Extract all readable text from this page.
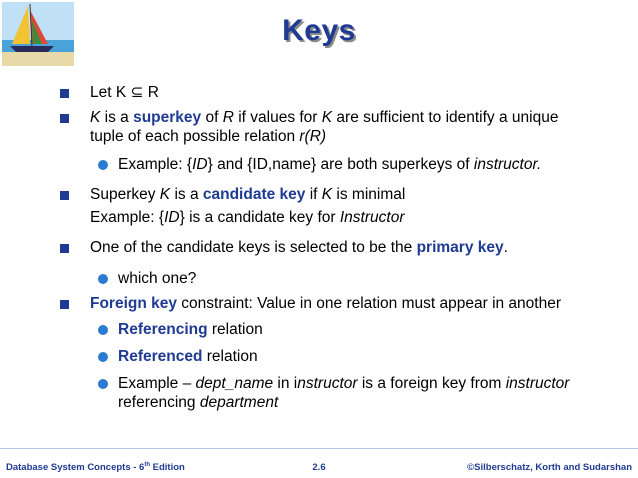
Keys
Let K ⊆ R
K is a superkey of R if values for K are sufficient to identify a unique
tuple of each possible relation r(R)
Example: {ID} and {ID,name} are both superkeys of instructor.
Superkey K is a candidate key if K is minimal
Example: {ID} is a candidate key for Instructor
One of the candidate keys is selected to be the primary key.
which one?
Foreign key constraint: Value in one relation must appear in another
Referencing relation
Referenced relation
Example – dept_name in instructor is a foreign key from instructor
referencing department
Database System Concepts - 6th Edition	2.6	©Silberschatz, Korth and Sudarshan
